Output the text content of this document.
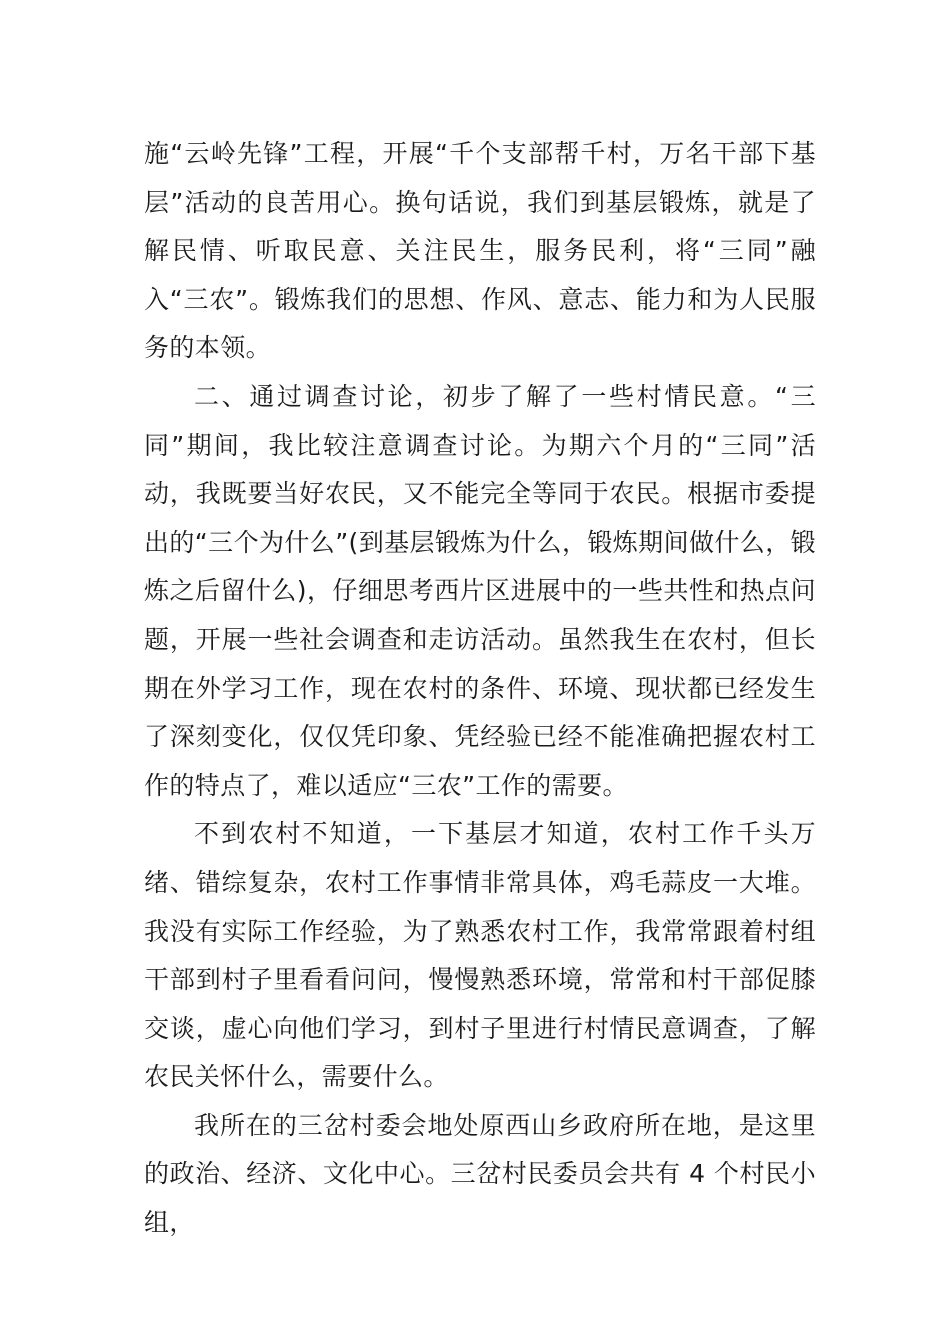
施“云岭先锋”工程，开展“千个支部帮千村，万名干部下基层”活动的良苦用心。换句话说，我们到基层锻炼，就是了解民情、听取民意、关注民生，服务民利，将“三同”融入“三农”。锻炼我们的思想、作风、意志、能力和为人民服务的本领。

二、通过调查讨论，初步了解了一些村情民意。“三同”期间，我比较注意调查讨论。为期六个月的“三同”活动，我既要当好农民，又不能完全等同于农民。根据市委提出的“三个为什么”(到基层锻炼为什么，锻炼期间做什么，锻炼之后留什么)，仔细思考西片区进展中的一些共性和热点问题，开展一些社会调查和走访活动。虽然我生在农村，但长期在外学习工作，现在农村的条件、环境、现状都已经发生了深刻变化，仅仅凭印象、凭经验已经不能准确把握农村工作的特点了，难以适应“三农”工作的需要。

不到农村不知道，一下基层才知道，农村工作千头万绪、错综复杂，农村工作事情非常具体，鸡毛蒜皮一大堆。我没有实际工作经验，为了熟悉农村工作，我常常跟着村组干部到村子里看看问问，慢慢熟悉环境，常常和村干部促膝交谈，虚心向他们学习，到村子里进行村情民意调查，了解农民关怀什么，需要什么。

我所在的三岔村委会地处原西山乡政府所在地，是这里的政治、经济、文化中心。三岔村民委员会共有 4 个村民小组，
